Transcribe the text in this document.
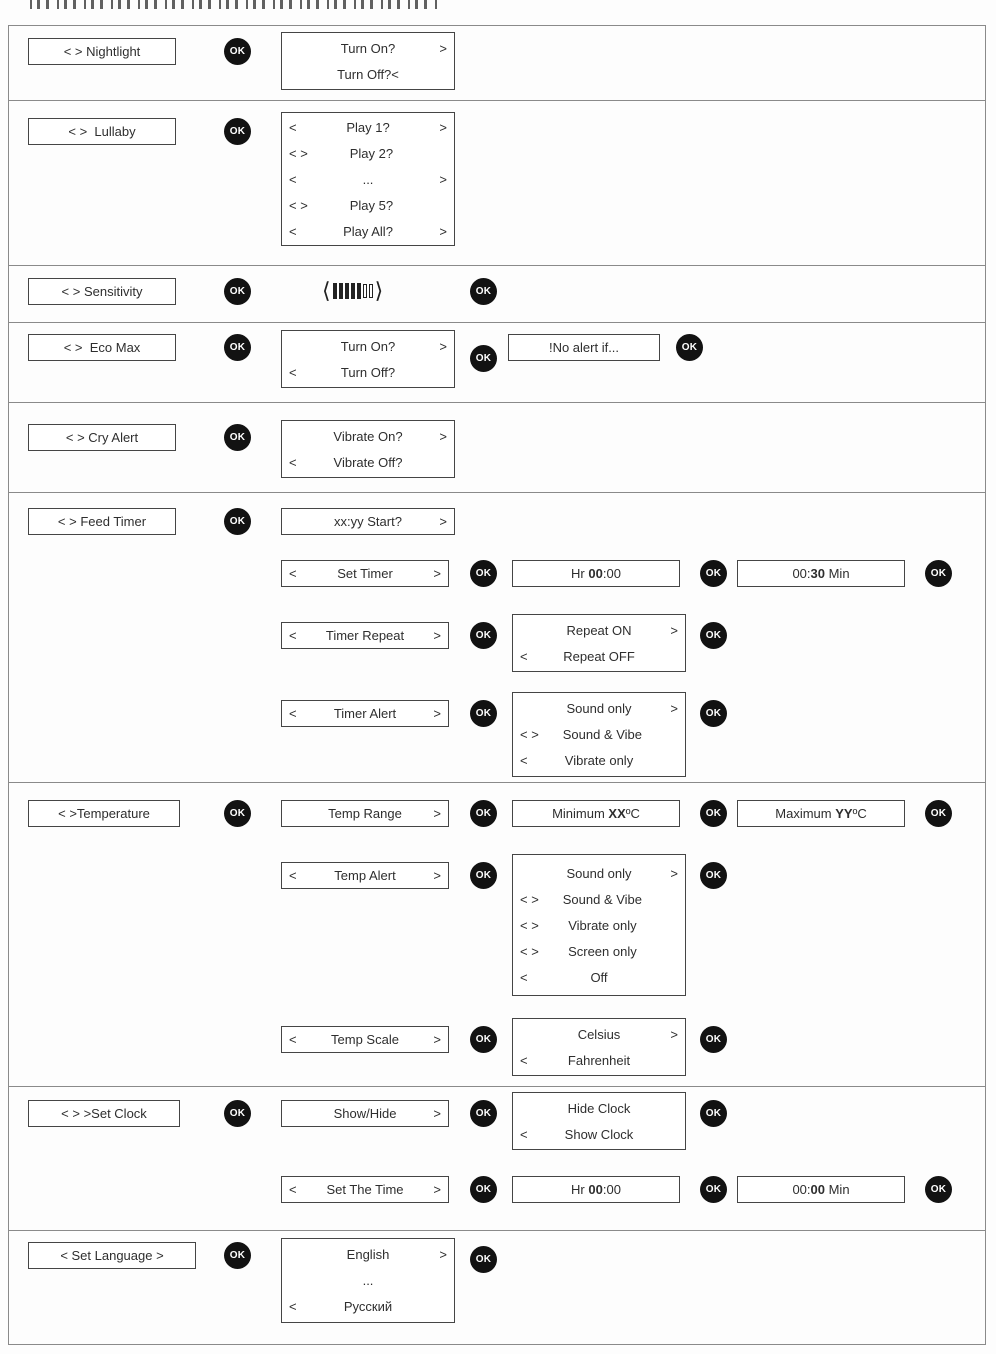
< > Nightlight	OK	Turn On?	>
Turn Off?<
< >  Lullaby	OK	<	Play 1?	>
< >	Play 2?
<	...	>
< >	Play 5?
<	Play All?	>
< > Sensitivity	OK	⟨ ⟩	OK
< >  Eco Max	OK	Turn On?	>
<	Turn Off?
OK
!No alert if...	OK
< > Cry Alert	OK	Vibrate On?	>
<	Vibrate Off?
< > Feed Timer	OK	xx:yy Start?	>
<	Set Timer	>	OK	Hr 00:00	OK	00:30 Min	OK
<	Timer Repeat	>	OK	Repeat ON	>
<	Repeat OFF
OK
<	Timer Alert	>	OK	Sound only	>
< >	Sound & Vibe
<	Vibrate only
OK
< >Temperature	OK	Temp Range	>	OK	Minimum XXºC	OK	Maximum YYºC	OK
<	Temp Alert	>	OK	Sound only	>
< >	Sound & Vibe
< >	Vibrate only
< >	Screen only
<	Off
OK
<	Temp Scale	>	OK	Celsius	>
<	Fahrenheit
OK
< > >Set Clock	OK	Show/Hide	>	OK	Hide Clock
<	Show Clock
OK
<	Set The Time	>	OK	Hr 00:00	OK	00:00 Min	OK
< Set Language >	OK	English	>
...
<	Русский
OK
